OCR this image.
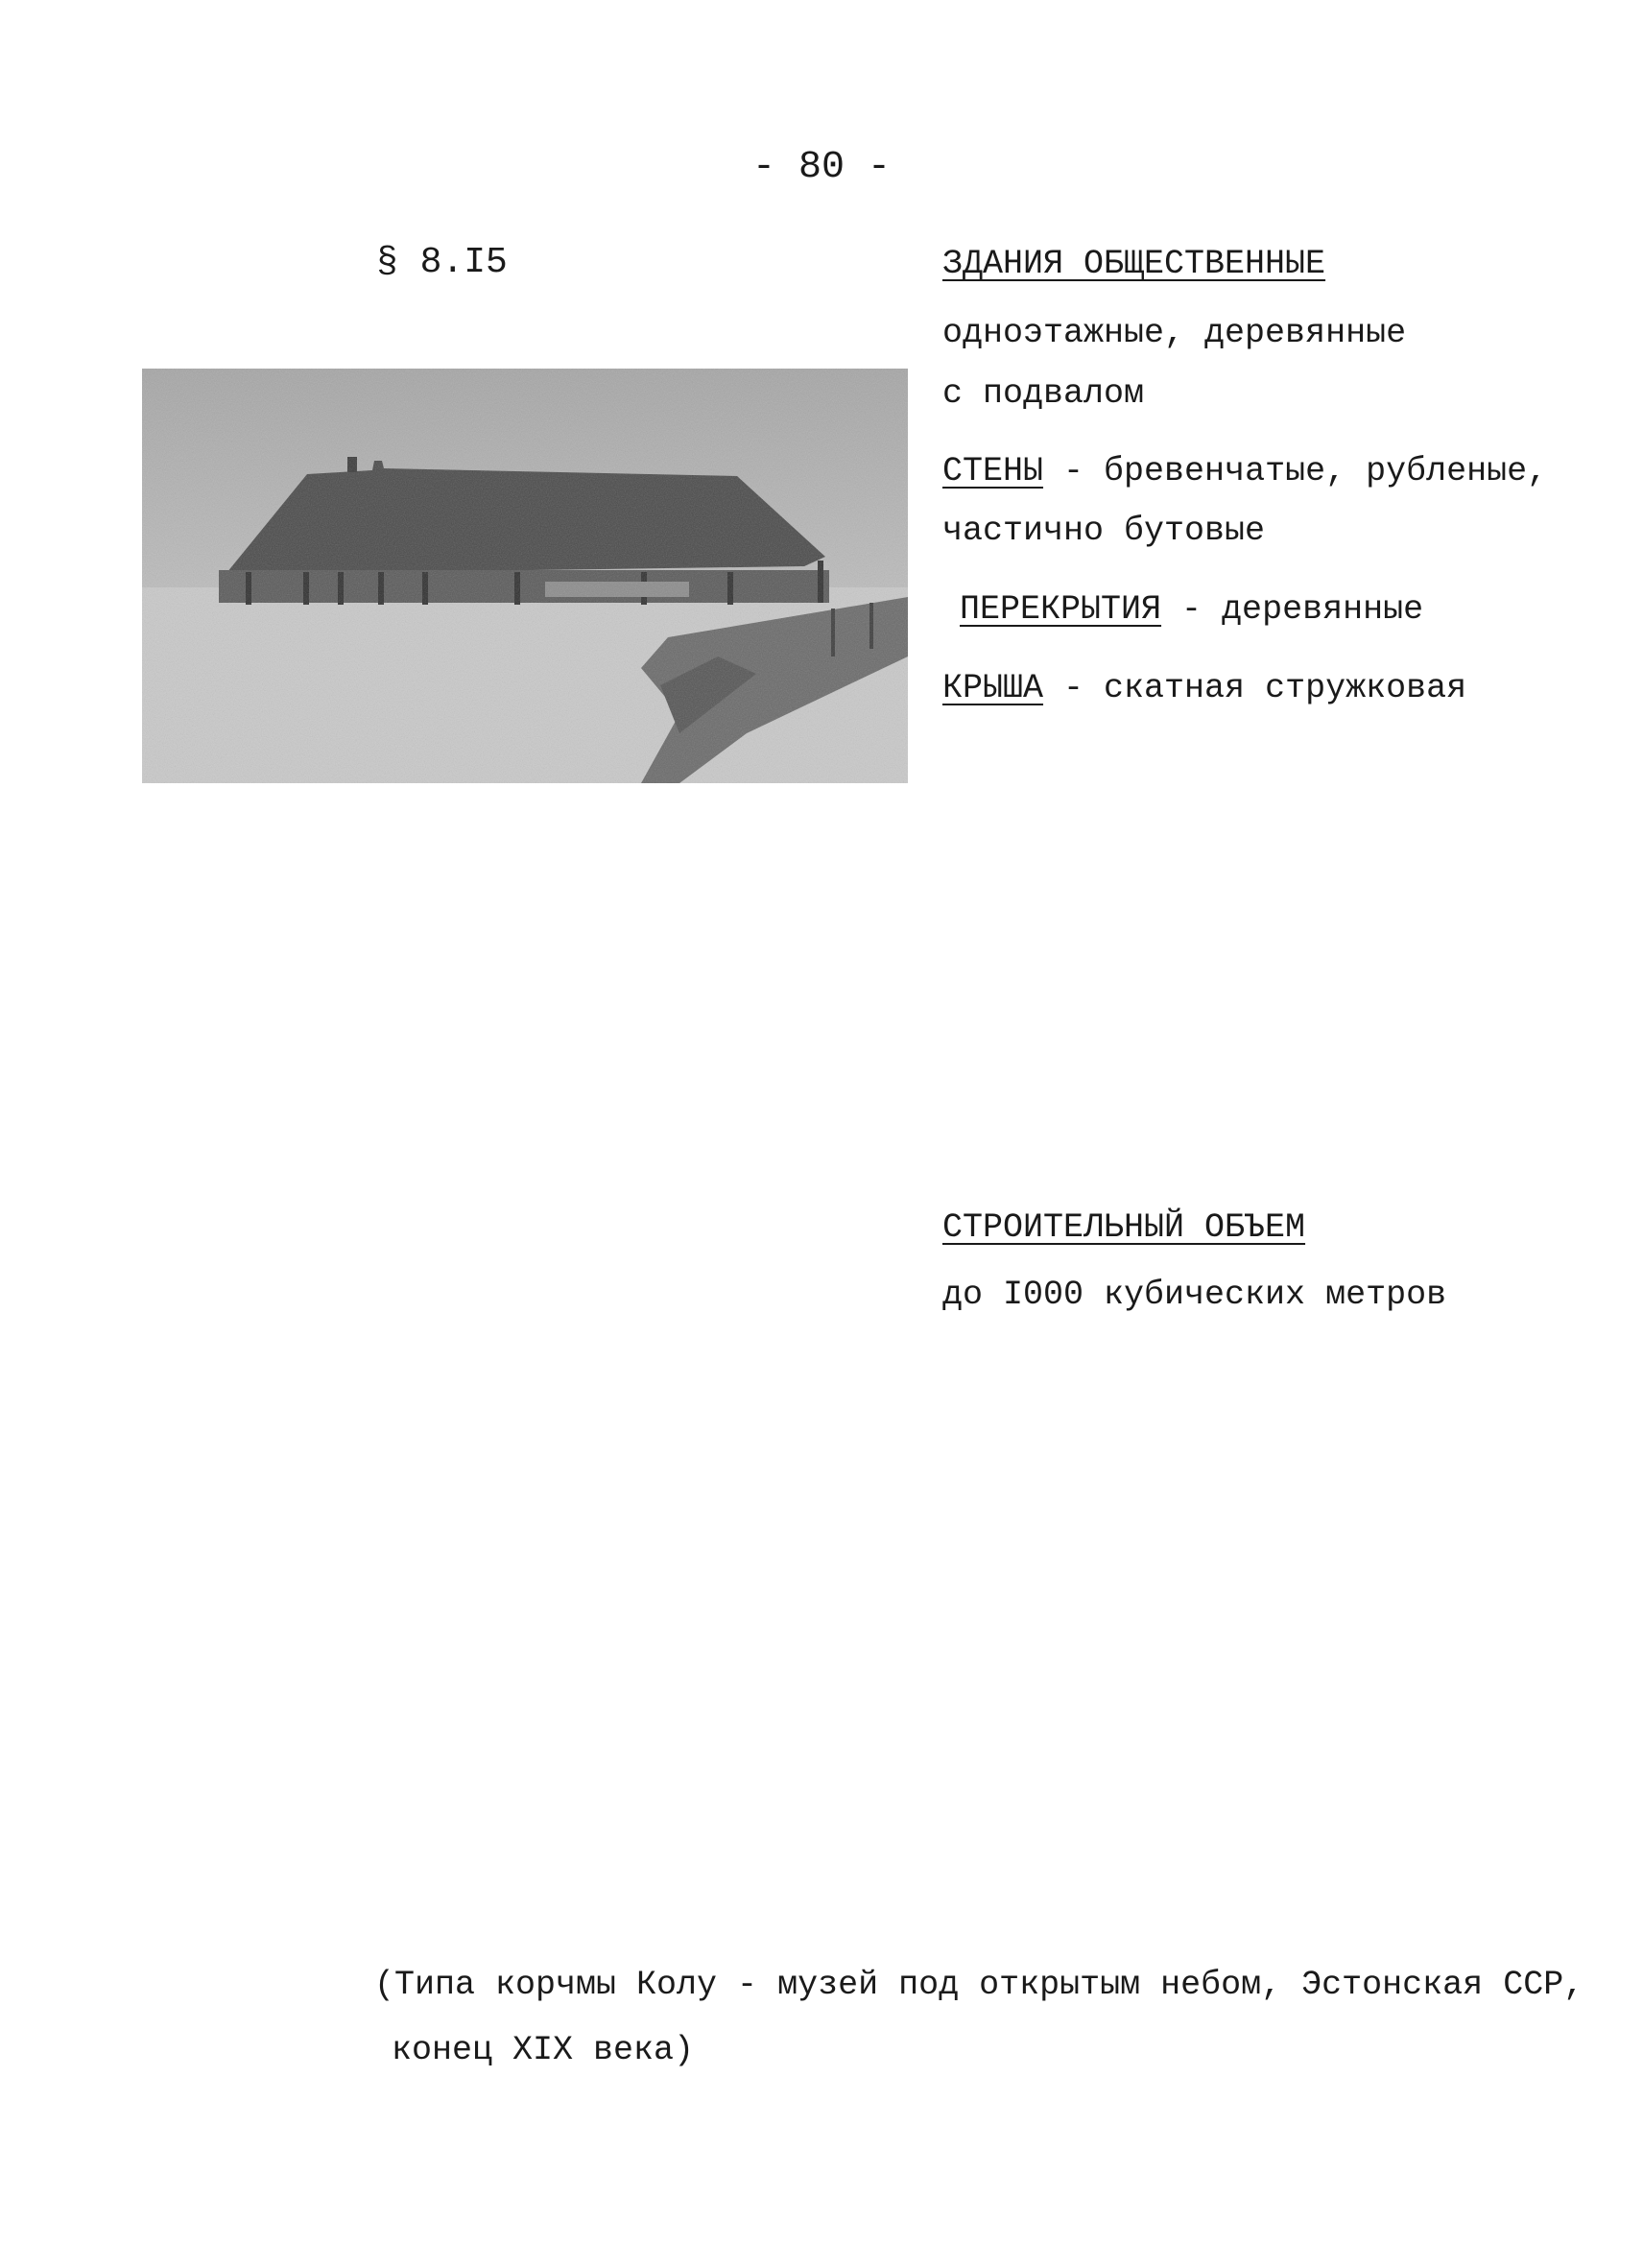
- 80 -
§ 8.I5	ЗДАНИЯ ОБЩЕСТВЕННЫЕ
одноэтажные, деревянные
с подвалом
СТЕНЫ - бревенчатые, рубленые,
частично бутовые
ПЕРЕКРЫТИЯ - деревянные
КРЫША - скатная стружковая
СТРОИТЕЛЬНЫЙ ОБЪЕМ
до I000 кубических метров
(Типа корчмы Колу - музей под открытым небом, Эстонская ССР,
конец XIX века)
